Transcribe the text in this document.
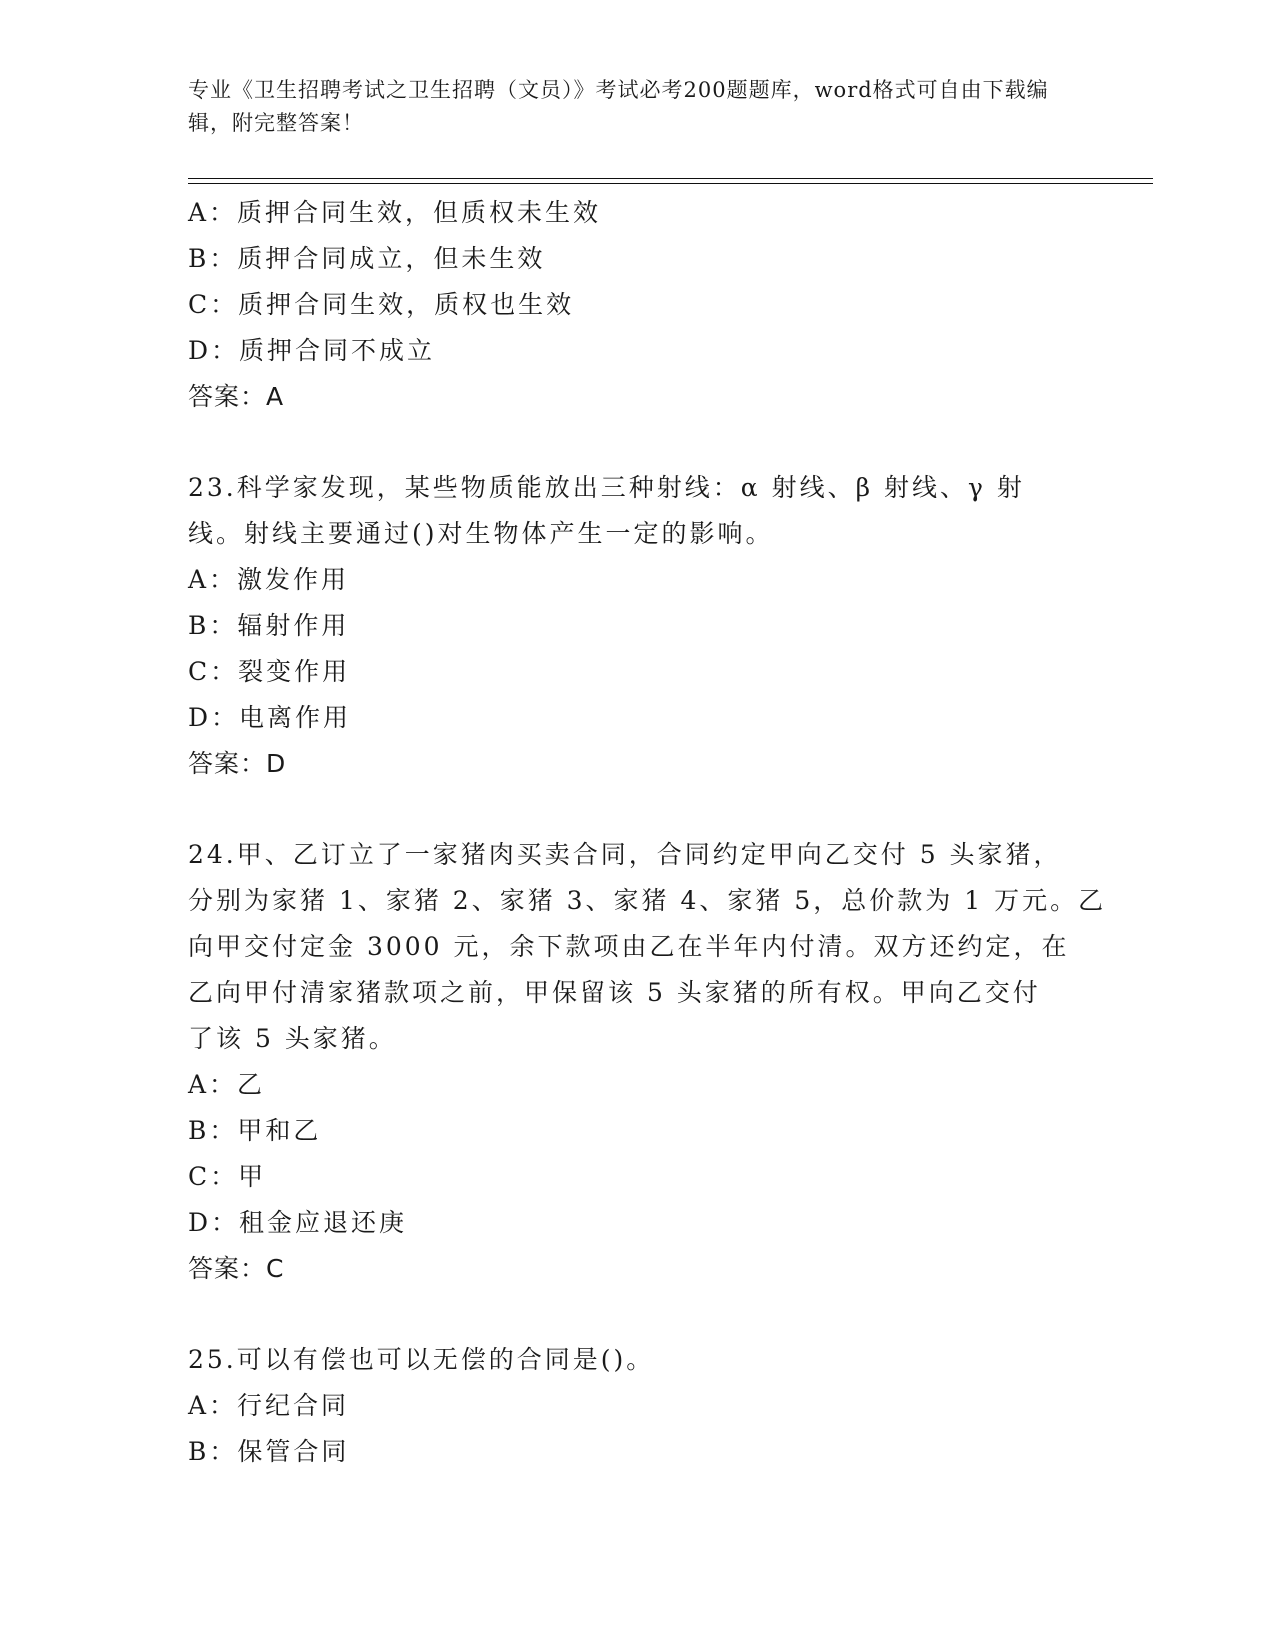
专业《卫生招聘考试之卫生招聘（文员）》考试必考200题题库，word格式可自由下载编辑，附完整答案！
A：质押合同生效，但质权未生效
B：质押合同成立，但未生效
C：质押合同生效，质权也生效
D：质押合同不成立
答案：A
23.科学家发现，某些物质能放出三种射线：α 射线、β 射线、γ 射
线。射线主要通过()对生物体产生一定的影响。
A：激发作用
B：辐射作用
C：裂变作用
D：电离作用
答案：D
24.甲、乙订立了一家猪肉买卖合同，合同约定甲向乙交付 5 头家猪，
分别为家猪 1、家猪 2、家猪 3、家猪 4、家猪 5，总价款为 1 万元。乙
向甲交付定金 3000 元，余下款项由乙在半年内付清。双方还约定，在
乙向甲付清家猪款项之前，甲保留该 5 头家猪的所有权。甲向乙交付
了该 5 头家猪。
A：乙
B：甲和乙
C：甲
D：租金应退还庚
答案：C
25.可以有偿也可以无偿的合同是()。
A：行纪合同
B：保管合同
